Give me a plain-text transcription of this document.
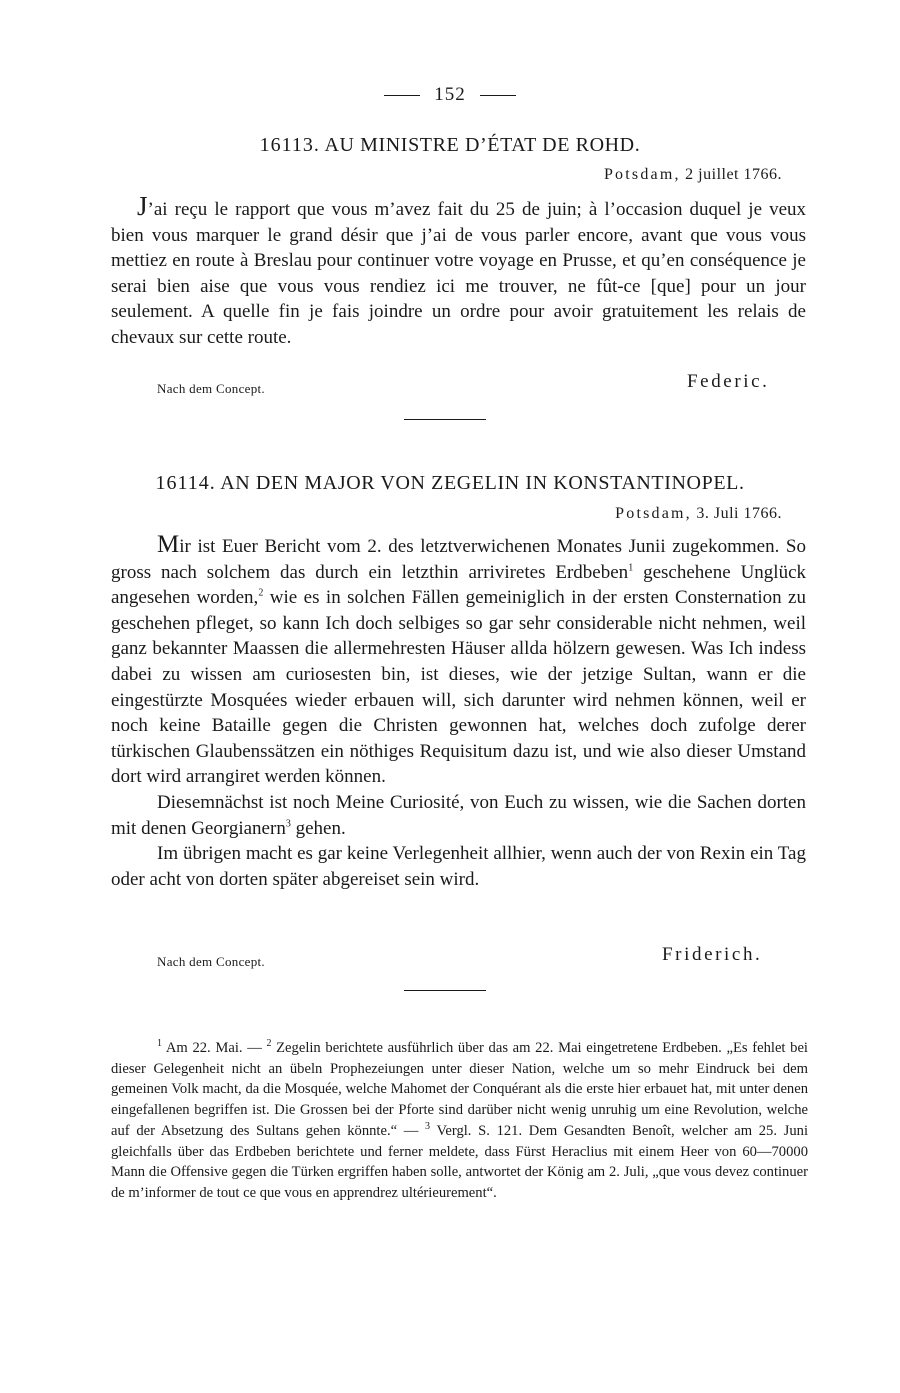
152
16113. AU MINISTRE D’ÉTAT DE ROHD.
Potsdam, 2 juillet 1766.

J’ai reçu le rapport que vous m’avez fait du 25 de juin; à l’occasion duquel je veux bien vous marquer le grand désir que j’ai de vous parler encore, avant que vous vous mettiez en route à Breslau pour continuer votre voyage en Prusse, et qu’en conséquence je serai bien aise que vous vous rendiez ici me trouver, ne fût-ce [que] pour un jour seulement. A quelle fin je fais joindre un ordre pour avoir gratuitement les relais de chevaux sur cette route.

Nach dem Concept.	Federic.
16114. AN DEN MAJOR VON ZEGELIN IN KONSTANTINOPEL.
Potsdam, 3. Juli 1766.

Mir ist Euer Bericht vom 2. des letztverwichenen Monates Junii zugekommen. So gross nach solchem das durch ein letzthin arriviretes Erdbeben$^1$ geschehene Unglück angesehen worden,$^2$ wie es in solchen Fällen gemeiniglich in der ersten Consternation zu geschehen pfleget, so kann Ich doch selbiges so gar sehr considerable nicht nehmen, weil ganz bekannter Maassen die allermehresten Häuser allda hölzern gewesen. Was Ich indess dabei zu wissen am curiosesten bin, ist dieses, wie der jetzige Sultan, wann er die eingestürzte Mosquées wieder erbauen will, sich darunter wird nehmen können, weil er noch keine Bataille gegen die Christen gewonnen hat, welches doch zufolge derer türkischen Glaubenssätzen ein nöthiges Requisitum dazu ist, und wie also dieser Umstand dort wird arrangiret werden können.

Diesemnächst ist noch Meine Curiosité, von Euch zu wissen, wie die Sachen dorten mit denen Georgianern$^3$ gehen.

Im übrigen macht es gar keine Verlegenheit allhier, wenn auch der von Rexin ein Tag oder acht von dorten später abgereiset sein wird.

Nach dem Concept.	Friderich.

$^1$ Am 22. Mai. — $^2$ Zegelin berichtete ausführlich über das am 22. Mai eingetretene Erdbeben. „Es fehlet bei dieser Gelegenheit nicht an übeln Prophezeiungen unter dieser Nation, welche um so mehr Eindruck bei dem gemeinen Volk macht, da die Mosquée, welche Mahomet der Conquérant als die erste hier erbauet hat, mit unter denen eingefallenen begriffen ist. Die Grossen bei der Pforte sind darüber nicht wenig unruhig um eine Revolution, welche auf der Absetzung des Sultans gehen könnte.“ — $^3$ Vergl. S. 121. Dem Gesandten Benoît, welcher am 25. Juni gleichfalls über das Erdbeben berichtete und ferner meldete, dass Fürst Heraclius mit einem Heer von 60—70000 Mann die Offensive gegen die Türken ergriffen haben solle, antwortet der König am 2. Juli, „que vous devez continuer de m’informer de tout ce que vous en apprendrez ultérieurement“.
